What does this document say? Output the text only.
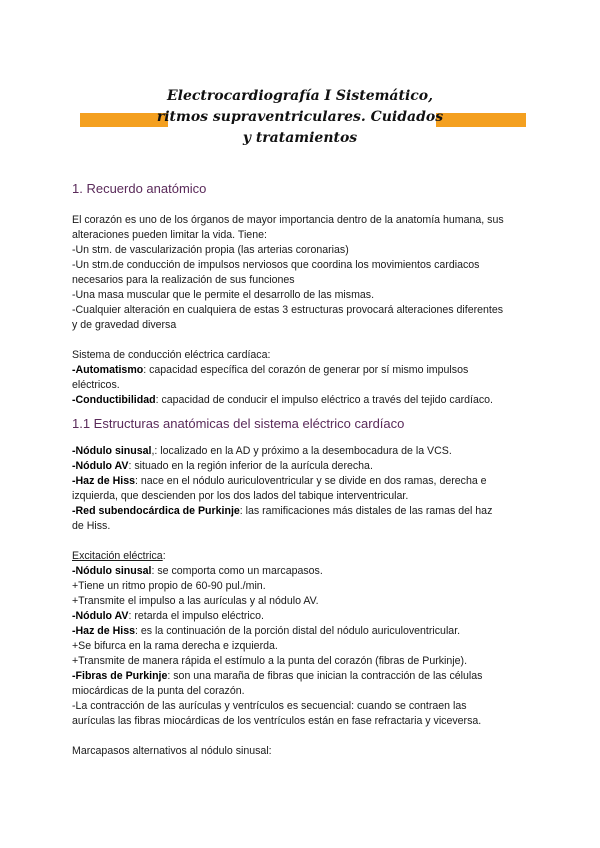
Electrocardiografía I Sistemático,
ritmos supraventriculares. Cuidados
y tratamientos
1. Recuerdo anatómico

El corazón es uno de los órganos de mayor importancia dentro de la anatomía humana, sus

alteraciones pueden limitar la vida. Tiene:

-Un stm. de vascularización propia (las arterias coronarias)

-Un stm.de conducción de impulsos nerviosos que coordina los movimientos cardiacos

necesarios para la realización de sus funciones

-Una masa muscular que le permite el desarrollo de las mismas.

-Cualquier alteración en cualquiera de estas 3 estructuras provocará alteraciones diferentes

y de gravedad diversa

Sistema de conducción eléctrica cardíaca:

-Automatismo: capacidad específica del corazón de generar por sí mismo impulsos

eléctricos.

-Conductibilidad: capacidad de conducir el impulso eléctrico a través del tejido cardíaco.

1.1 Estructuras anatómicas del sistema eléctrico cardíaco

-Nódulo sinusal,: localizado en la AD y próximo a la desembocadura de la VCS.

-Nódulo AV: situado en la región inferior de la aurícula derecha.

-Haz de Hiss: nace en el nódulo auriculoventricular y se divide en dos ramas, derecha e

izquierda, que descienden por los dos lados del tabique interventricular.

-Red subendocárdica de Purkinje: las ramificaciones más distales de las ramas del haz

de Hiss.

Excitación eléctrica:

-Nódulo sinusal: se comporta como un marcapasos.

+Tiene un ritmo propio de 60-90 pul./min.

+Transmite el impulso a las aurículas y al nódulo AV.

-Nódulo AV: retarda el impulso eléctrico.

-Haz de Hiss: es la continuación de la porción distal del nódulo auriculoventricular.

+Se bifurca en la rama derecha e izquierda.

+Transmite de manera rápida el estímulo a la punta del corazón (fibras de Purkinje).

-Fibras de Purkinje: son una maraña de fibras que inician la contracción de las células

miocárdicas de la punta del corazón.

-La contracción de las aurículas y ventrículos es secuencial: cuando se contraen las

aurículas las fibras miocárdicas de los ventrículos están en fase refractaria y viceversa.

Marcapasos alternativos al nódulo sinusal:
